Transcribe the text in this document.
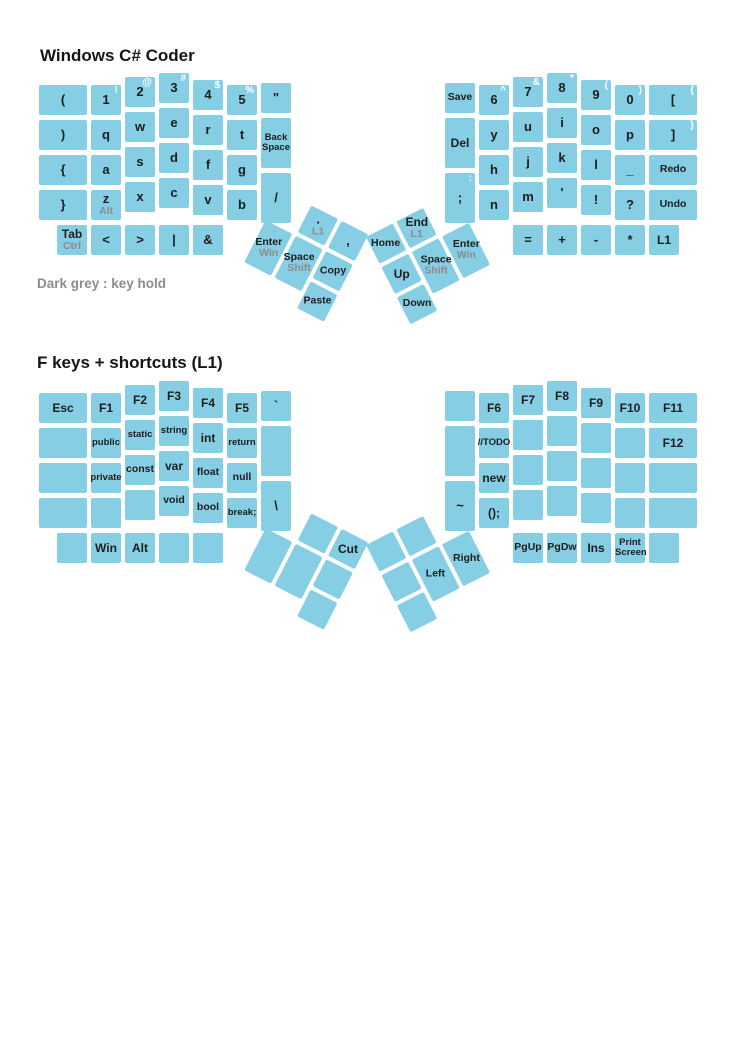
Windows C# Coder
Dark grey : key hold
F keys + shortcuts (L1)
(
)
{
}
Tab
Ctrl
!
1
q
a
z
Alt
<
@
2
w
s
x
>
#
3
e
d
c
|
$
4
r
f
v
&
%
5
t
g
b
"
Back Space
/
Save
Del
:
;
^
6
y
h
n
&
7
u
j
m
=
*
8
i
k
'
+
(
9
o
l
!
-
)
0
p
_
?
*
{
[
}
]
Redo
Undo
L1
.
L1
,
Enter
Win Space
Shift Copy
Paste
Home
End
L1
Up
Space
Shift
Enter
Win
Down
Esc F1
public
private
Win
F2
static
const
Alt
F3
string
var
void
F4
int
float
bool
F5
return
null
break;
`
\	~
F6
//TODO
new
();
F7
PgUp
F8
PgDw
F9
Ins
F10
Print Screen
F11
F12
Cut
Left
Right
